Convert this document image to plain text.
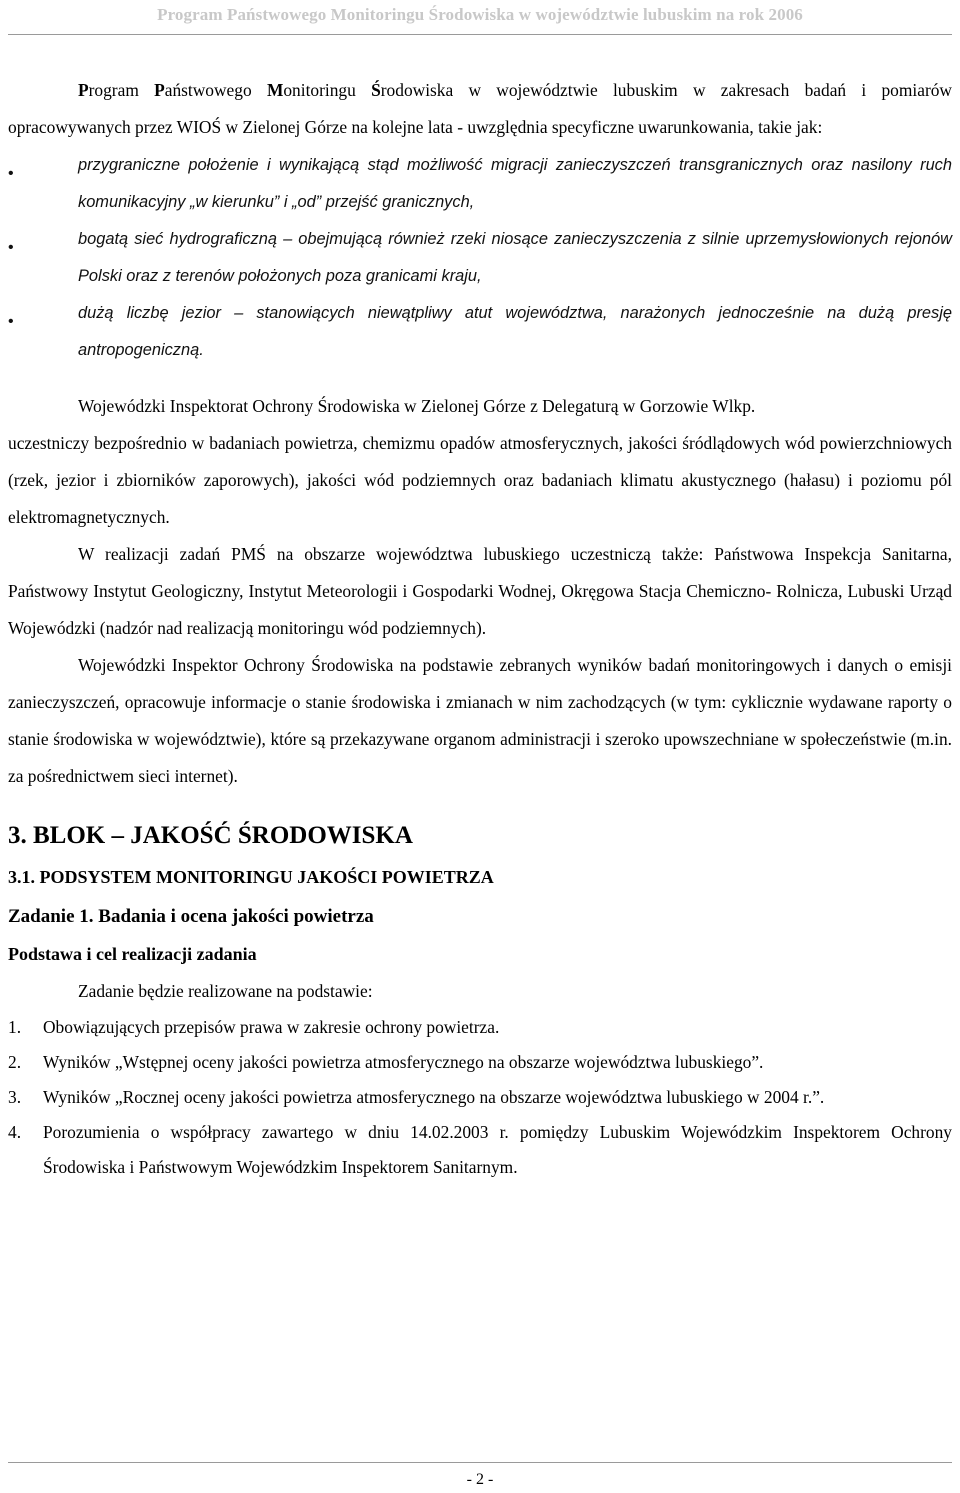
Program Państwowego Monitoringu Środowiska w województwie lubuskim na rok 2006

Program Państwowego Monitoringu Środowiska w województwie lubuskim w zakresach badań i pomiarów opracowywanych przez WIOŚ w Zielonej Górze na kolejne lata - uwzględnia specyficzne uwarunkowania, takie jak:

•	przygraniczne położenie i wynikającą stąd możliwość migracji zanieczyszczeń transgranicznych oraz nasilony ruch komunikacyjny „w kierunku” i „od” przejść granicznych,
•	bogatą sieć hydrograficzną – obejmującą również rzeki niosące zanieczyszczenia z silnie uprzemysłowionych rejonów Polski oraz z terenów położonych poza granicami kraju,
•	dużą liczbę jezior – stanowiących niewątpliwy atut województwa, narażonych jednocześnie na dużą presję antropogeniczną.

Wojewódzki Inspektorat Ochrony Środowiska w Zielonej Górze z Delegaturą w Gorzowie Wlkp.

uczestniczy bezpośrednio w badaniach powietrza, chemizmu opadów atmosferycznych, jakości śródlądowych wód powierzchniowych (rzek, jezior i zbiorników zaporowych), jakości wód podziemnych oraz badaniach klimatu akustycznego (hałasu) i poziomu pól elektromagnetycznych.

W realizacji zadań PMŚ na obszarze województwa lubuskiego uczestniczą także: Państwowa Inspekcja Sanitarna, Państwowy Instytut Geologiczny, Instytut Meteorologii i Gospodarki Wodnej, Okręgowa Stacja Chemiczno- Rolnicza, Lubuski Urząd Wojewódzki (nadzór nad realizacją monitoringu wód podziemnych).

Wojewódzki Inspektor Ochrony Środowiska na podstawie zebranych wyników badań monitoringowych i danych o emisji zanieczyszczeń, opracowuje informacje o stanie środowiska i zmianach w nim zachodzących (w tym: cyklicznie wydawane raporty o stanie środowiska w województwie), które są przekazywane organom administracji i szeroko upowszechniane w społeczeństwie (m.in. za pośrednictwem sieci internet).

3. BLOK – JAKOŚĆ ŚRODOWISKA
3.1. PODSYSTEM MONITORINGU JAKOŚCI POWIETRZA
Zadanie 1. Badania i ocena jakości powietrza
Podstawa i cel realizacji zadania

Zadanie będzie realizowane na podstawie:

1. Obowiązujących przepisów prawa w zakresie ochrony powietrza.
2. Wyników „Wstępnej oceny jakości powietrza atmosferycznego na obszarze województwa lubuskiego”.
3. Wyników „Rocznej oceny jakości powietrza atmosferycznego na obszarze województwa lubuskiego w 2004 r.”.
4. Porozumienia o współpracy zawartego w dniu 14.02.2003 r. pomiędzy Lubuskim Wojewódzkim Inspektorem Ochrony Środowiska i Państwowym Wojewódzkim Inspektorem Sanitarnym.
- 2 -
